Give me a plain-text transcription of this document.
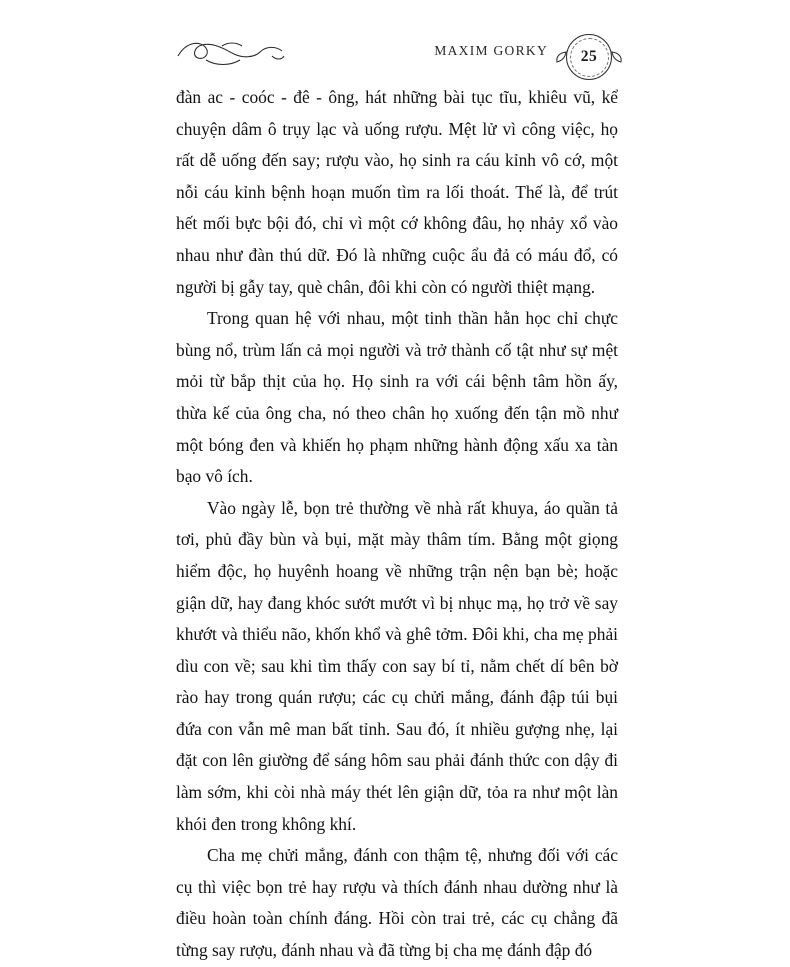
MAXIM GORKY	25

đàn ac - coóc - đê - ông, hát những bài tục tĩu, khiêu vũ, kể chuyện dâm ô trụy lạc và uống rượu. Mệt lử vì công việc, họ rất dễ uống đến say; rượu vào, họ sinh ra cáu kỉnh vô cớ, một nỗi cáu kỉnh bệnh hoạn muốn tìm ra lối thoát. Thế là, để trút hết mối bực bội đó, chỉ vì một cớ không đâu, họ nhảy xổ vào nhau như đàn thú dữ. Đó là những cuộc ẩu đả có máu đổ, có người bị gẫy tay, què chân, đôi khi còn có người thiệt mạng.

Trong quan hệ với nhau, một tinh thần hằn học chỉ chực bùng nổ, trùm lấn cả mọi người và trở thành cố tật như sự mệt mỏi từ bắp thịt của họ. Họ sinh ra với cái bệnh tâm hồn ấy, thừa kế của ông cha, nó theo chân họ xuống đến tận mồ như một bóng đen và khiến họ phạm những hành động xấu xa tàn bạo vô ích.

Vào ngày lễ, bọn trẻ thường về nhà rất khuya, áo quần tả tơi, phủ đầy bùn và bụi, mặt mày thâm tím. Bằng một giọng hiểm độc, họ huyênh hoang về những trận nện bạn bè; hoặc giận dữ, hay đang khóc sướt mướt vì bị nhục mạ, họ trở về say khướt và thiểu não, khốn khổ và ghê tởm. Đôi khi, cha mẹ phải dìu con về; sau khi tìm thấy con say bí tỉ, nằm chết dí bên bờ rào hay trong quán rượu; các cụ chửi mắng, đánh đập túi bụi đứa con vẫn mê man bất tỉnh. Sau đó, ít nhiều gượng nhẹ, lại đặt con lên giường để sáng hôm sau phải đánh thức con dậy đi làm sớm, khi còi nhà máy thét lên giận dữ, tỏa ra như một làn khói đen trong không khí.

Cha mẹ chửi mắng, đánh con thậm tệ, nhưng đối với các cụ thì việc bọn trẻ hay rượu và thích đánh nhau dường như là điều hoàn toàn chính đáng. Hồi còn trai trẻ, các cụ chẳng đã từng say rượu, đánh nhau và đã từng bị cha mẹ đánh đập đó
